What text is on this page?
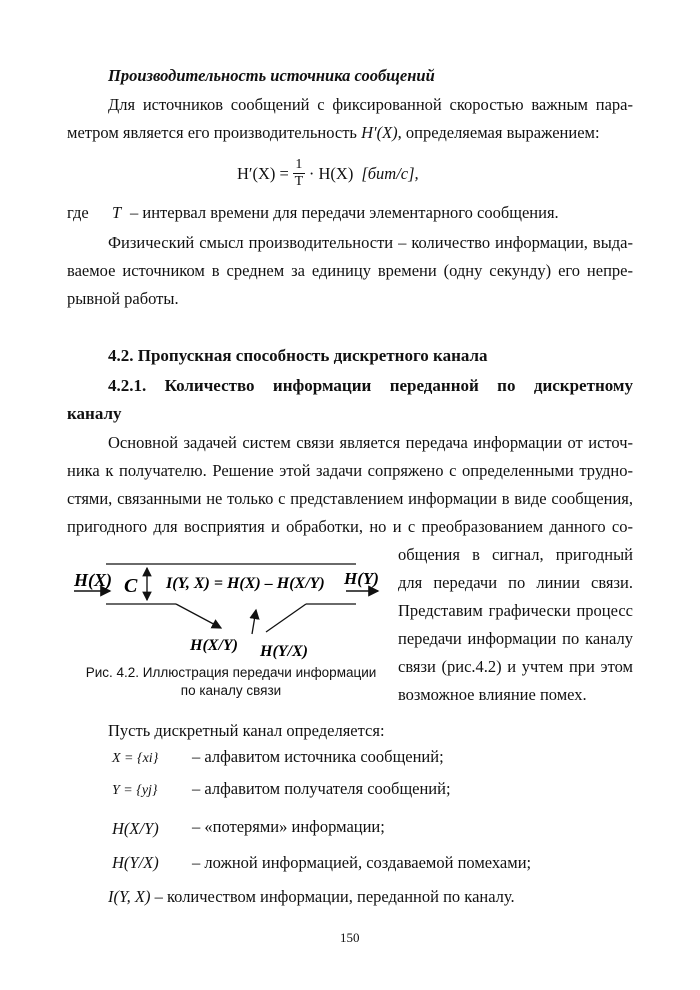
Производительность источника сообщений
Для источников сообщений с фиксированной скоростью важным пара-
метром является его производительность H′(X), определяемая выражением:
$H'(X) = \frac{1}{T} \cdot H(X)$ [бит/с],
где T – интервал времени для передачи элементарного сообщения.
Физический смысл производительности – количество информации, выда-
ваемое источником в среднем за единицу времени (одну секунду) его непре-
рывной работы.
4.2. Пропускная способность дискретного канала
4.2.1. Количество информации переданной по дискретному
каналу
Основной задачей систем связи является передача информации от источ-
ника к получателю. Решение этой задачи сопряжено с определенными трудно-
стями, связанными не только с представлением информации в виде сообщения,
пригодного для восприятия и обработки, но и с преобразованием данного со-
общения в сигнал, пригодный
для передачи по линии связи.
Представим графически процесс
передачи информации по каналу
связи (рис.4.2) и учтем при этом
возможное влияние помех.
H(X) C I(Y, X) = H(X) – H(X/Y) H(Y)
H(X/Y) H(Y/X)
Рис. 4.2. Иллюстрация передачи информации
по каналу связи
Пусть дискретный канал определяется:
X = {xi} – алфавитом источника сообщений;
Y = {yj} – алфавитом получателя сообщений;
H(X/Y) – «потерями» информации;
H(Y/X) – ложной информацией, создаваемой помехами;
I(Y, X) – количеством информации, переданной по каналу.
150
